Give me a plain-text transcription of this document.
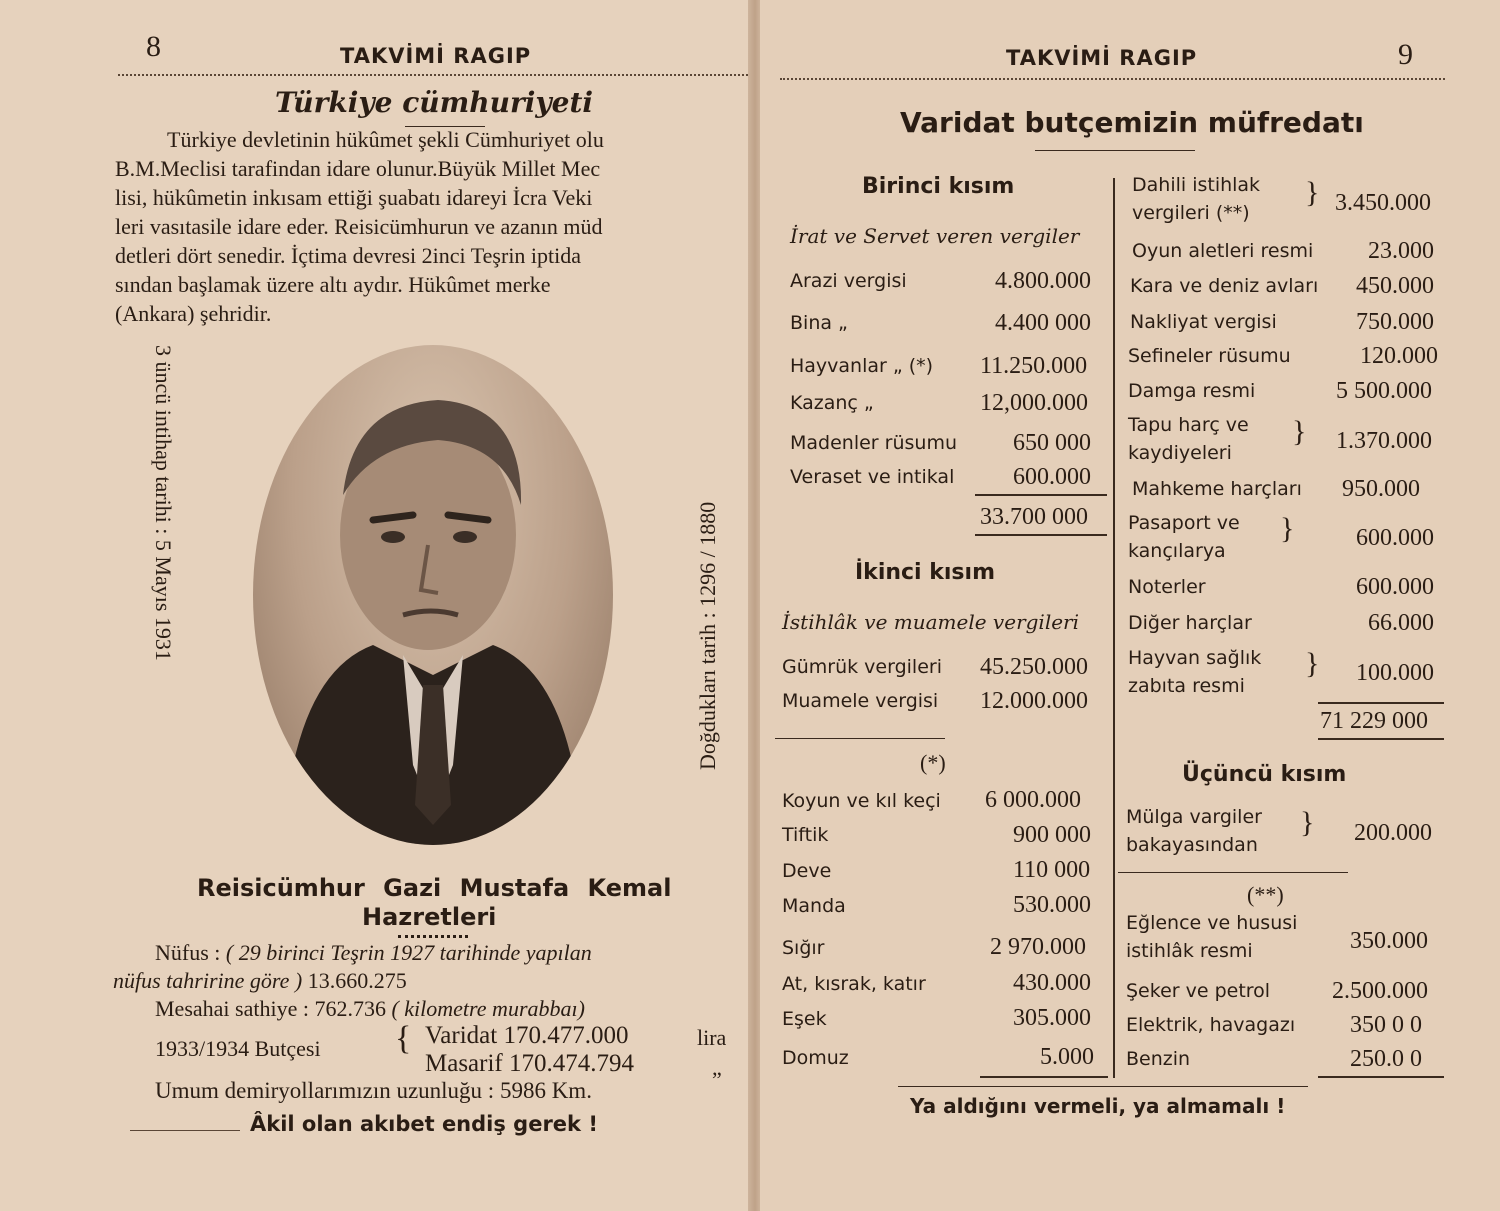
8	TAKVİMİ RAGIP
Türkiye cümhuriyeti
Türkiye devletinin hükûmet şekli Cümhuriyet olu
B.M.Meclisi tarafindan idare olunur.Büyük Millet Mec
lisi, hükûmetin inkısam ettiği şuabatı idareyi İcra Veki
leri vasıtasile idare eder. Reisicümhurun ve azanın müd
detleri dört senedir. İçtima devresi 2inci Teşrin iptida
sından başlamak üzere altı aydır. Hükûmet merke
(Ankara) şehridir.
3 üncü intihap tarihi : 5 Mayıs 1931	Doğdukları tarih : 1296 / 1880
Reisicümhur Gazi Mustafa Kemal
Hazretleri
Nüfus : ( 29 birinci Teşrin 1927 tarihinde yapılan
nüfus tahririne göre ) 13.660.275
Mesahai sathiye : 762.736 ( kilometre murabbaı)
1933/1934 Butçesi { Varidat 170.477.000
Masarif 170.474.794
lira
„
Umum demiryollarımızın uzunluğu : 5986 Km.
Âkil olan akıbet endiş gerek !
TAKVİMİ RAGIP	9
Varidat butçemizin müfredatı
Birinci kısım
İrat ve Servet veren vergiler
Arazi vergisi	4.800.000
Bina „	4.400 000
Hayvanlar „ (*) 11.250.000
Kazanç „	12,000.000
Madenler rüsumu 650 000
Veraset ve intikal 600.000
33.700 000
İkinci kısım
İstihlâk ve muamele vergileri
Gümrük vergileri 45.250.000
Muamele vergisi 12.000.000
(*)
Koyun ve kıl keçi 6 000.000
Tiftik	900 000
Deve	110 000
Manda	530.000
Sığır	2 970.000
At, kısrak, katır	430.000
Eşek	305.000
Domuz	5.000
Dahili istihlak
vergileri (**)
} 3.450.000
Oyun aletleri resmi 23.000
Kara ve deniz avları 450.000
Nakliyat vergisi	750.000
Sefineler rüsumu	120.000
Damga resmi	5 500.000
Tapu harç ve
kaydiyeleri
} 1.370.000
Mahkeme harçları 950.000
Pasaport ve
kançılarya
}	600.000
Noterler	600.000
Diğer harçlar	66.000
Hayvan sağlık
zabıta resmi
} 100.000
71 229 000
Üçüncü kısım
Mülga vargiler
bakayasından
} 200.000
(**)
Eğlence ve hususi
istihlâk resmi	350.000
Şeker ve petrol	2.500.000
Elektrik, havagazı 350 0 0
Benzin	250.0 0
Ya aldığını vermeli, ya almamalı !
